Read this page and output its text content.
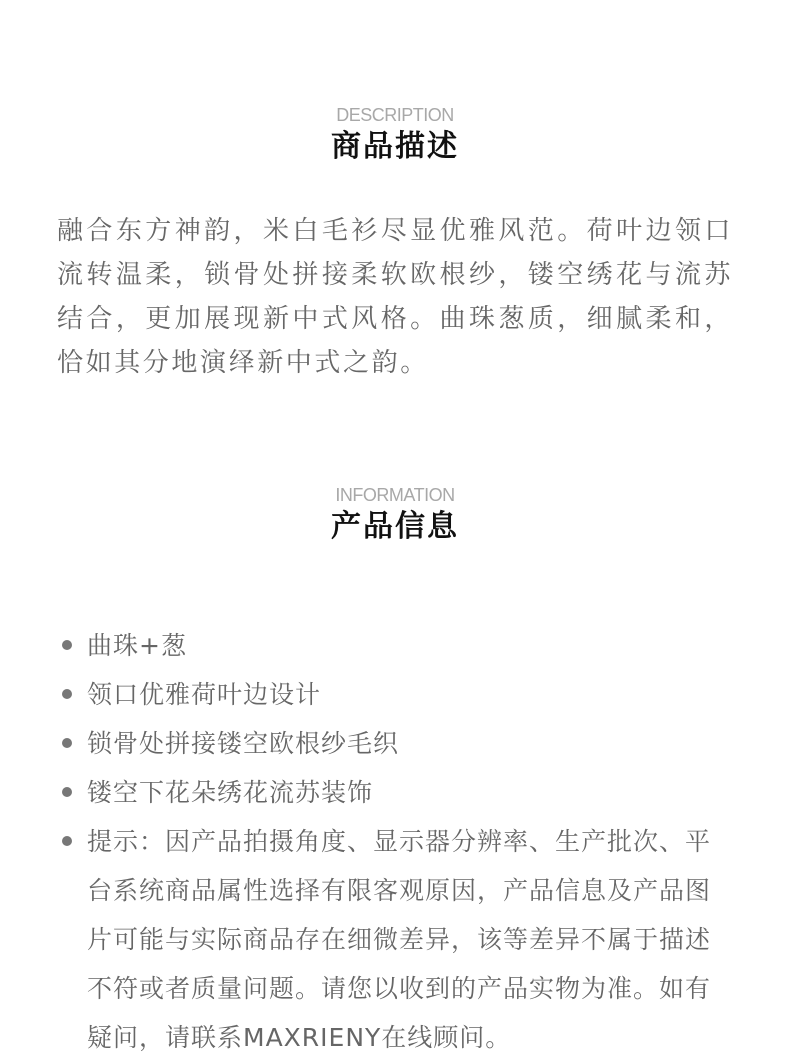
DESCRIPTION
商品描述

融合东方神韵，米白毛衫尽显优雅风范。荷叶边领口流转温柔，锁骨处拼接柔软欧根纱，镂空绣花与流苏结合，更加展现新中式风格。曲珠葱质，细腻柔和，恰如其分地演绎新中式之韵。

INFORMATION
产品信息
曲珠+葱
领口优雅荷叶边设计
锁骨处拼接镂空欧根纱毛织
镂空下花朵绣花流苏装饰
提示：因产品拍摄角度、显示器分辨率、生产批次、平台系统商品属性选择有限客观原因，产品信息及产品图片可能与实际商品存在细微差异，该等差异不属于描述不符或者质量问题。请您以收到的产品实物为准。如有疑问，请联系MAXRIENY在线顾问。
